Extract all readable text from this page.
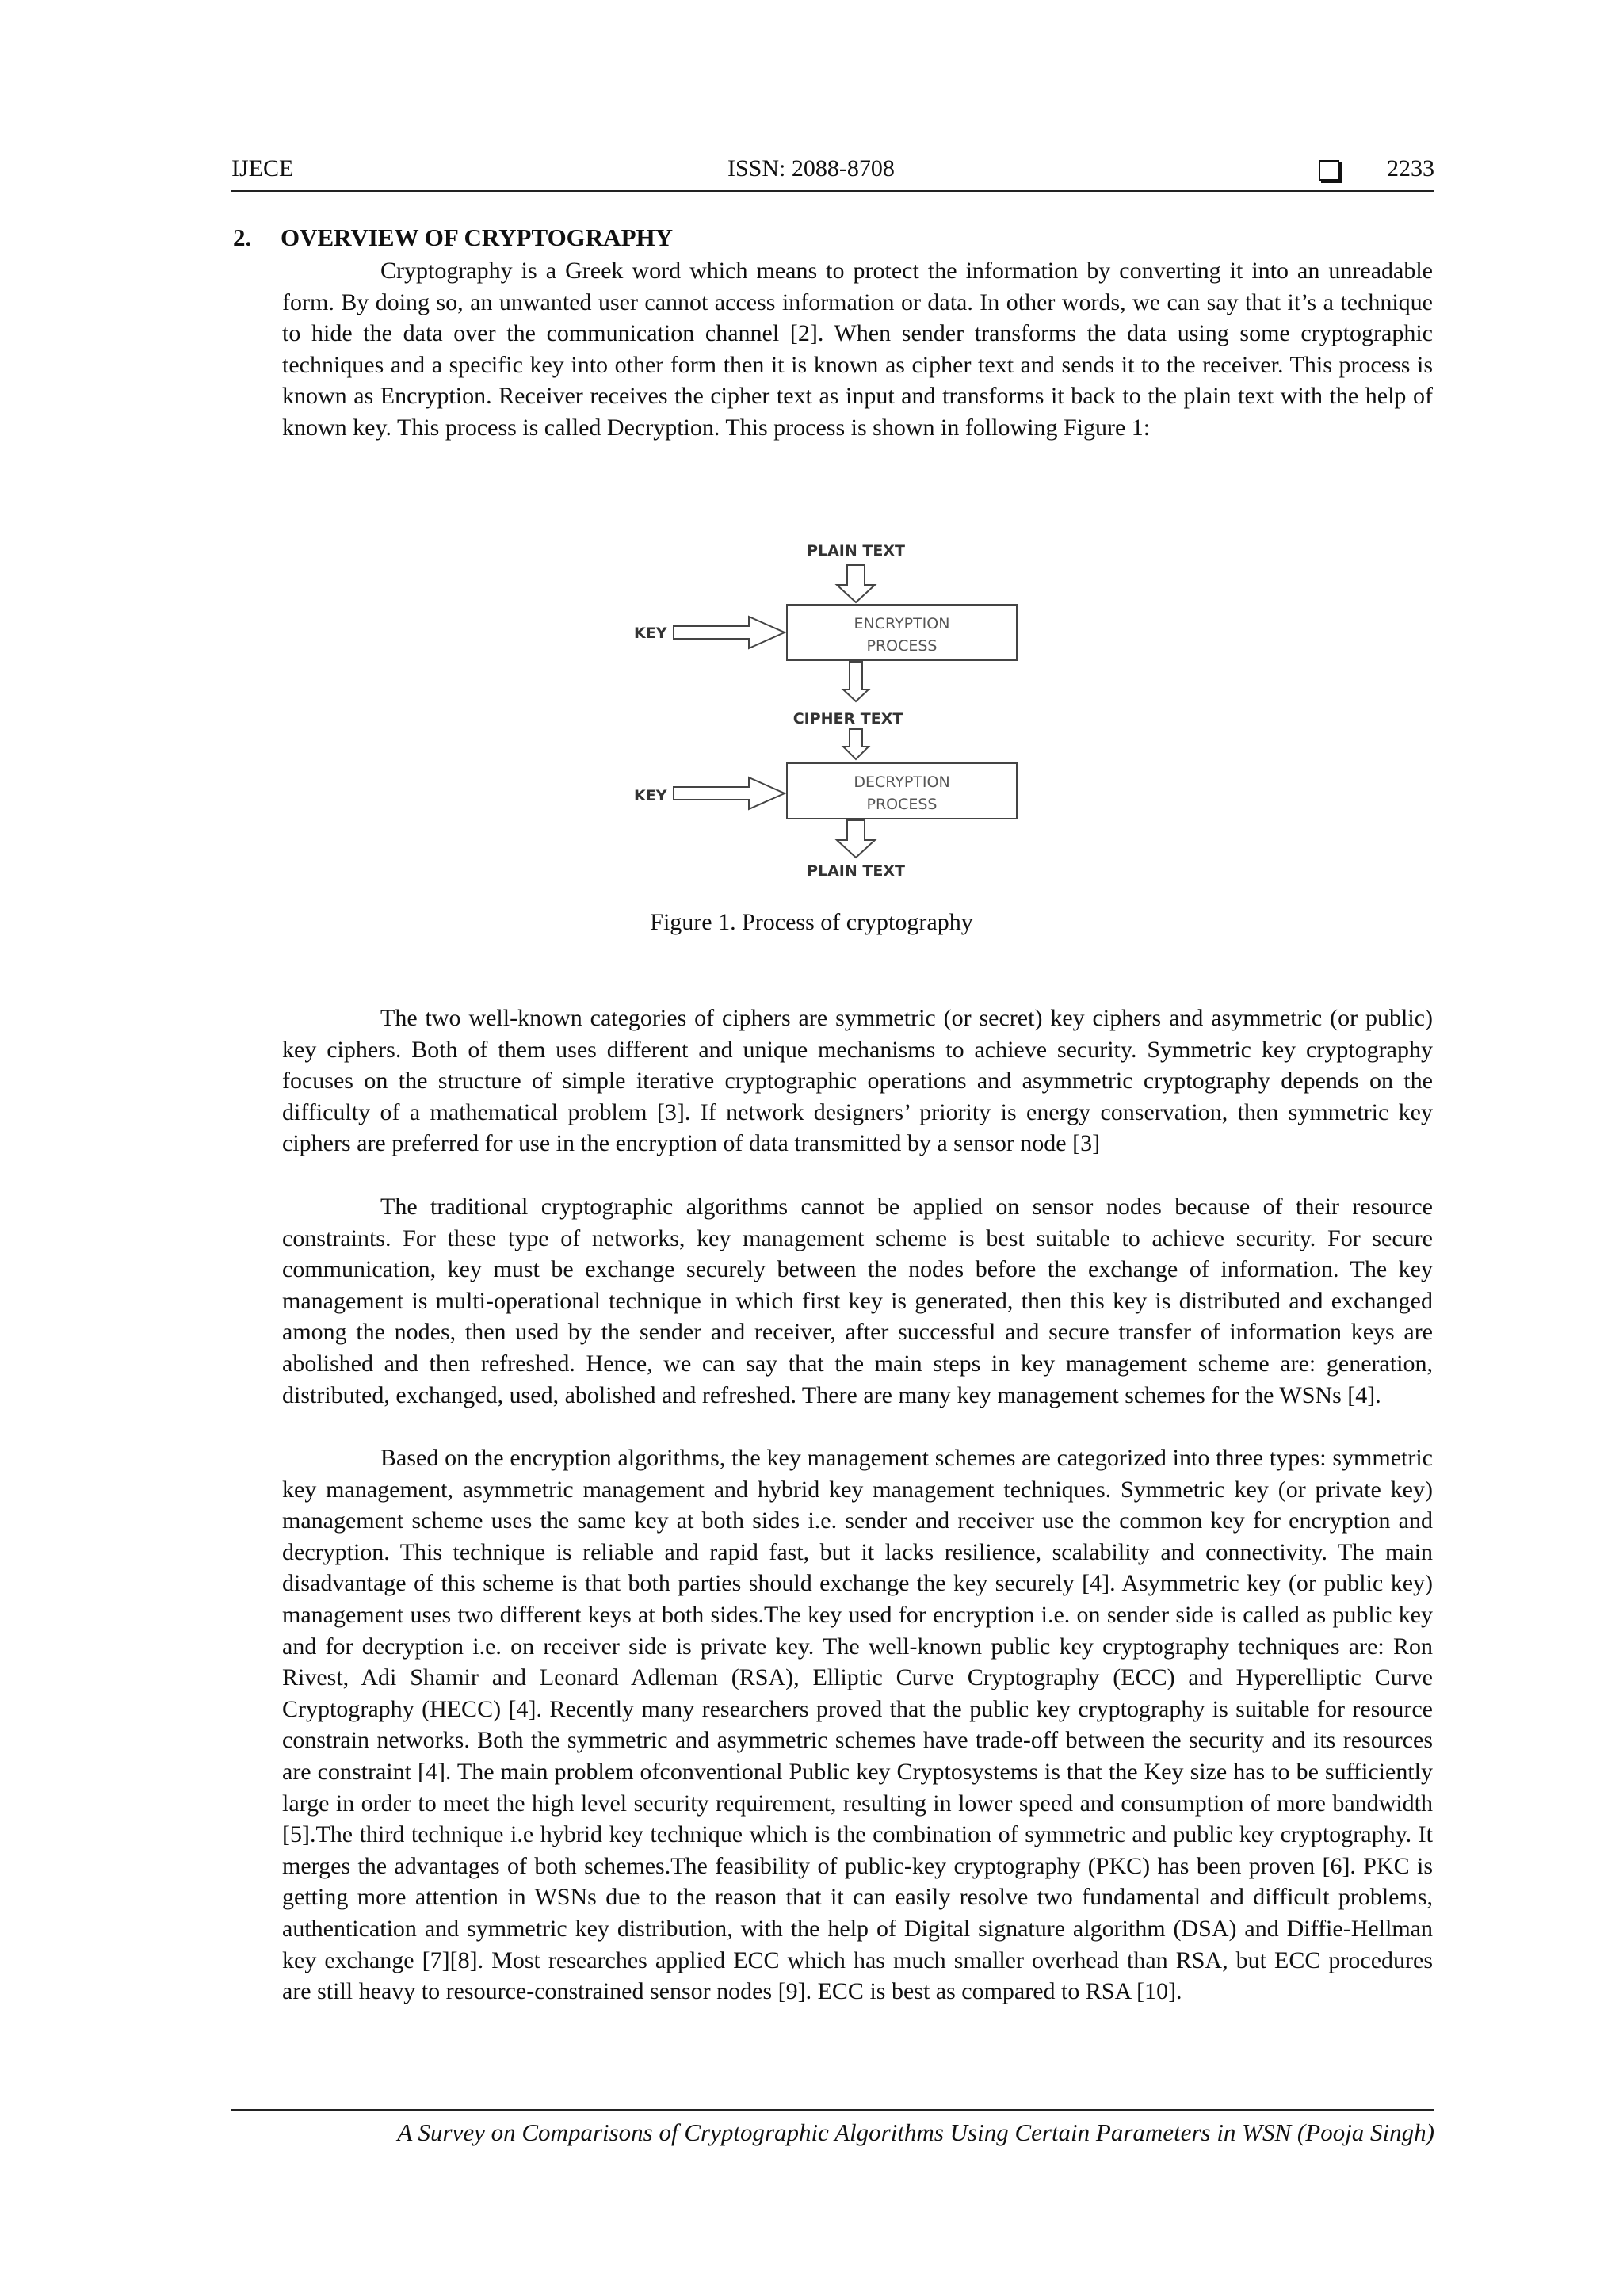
IJECE	ISSN: 2088-8708	2233
2. OVERVIEW OF CRYPTOGRAPHY

Cryptography is a Greek word which means to protect the information by converting it into an unreadable form. By doing so, an unwanted user cannot access information or data. In other words, we can say that it’s a technique to hide the data over the communication channel [2]. When sender transforms the data using some cryptographic techniques and a specific key into other form then it is known as cipher text and sends it to the receiver. This process is known as Encryption. Receiver receives the cipher text as input and transforms it back to the plain text with the help of known key. This process is called Decryption. This process is shown in following Figure 1:

PLAIN TEXT
ENCRYPTION
PROCESS
KEY
CIPHER TEXT
DECRYPTION
PROCESS
KEY
PLAIN TEXT
Figure 1. Process of cryptography

The two well-known categories of ciphers are symmetric (or secret) key ciphers and asymmetric (or public) key ciphers. Both of them uses different and unique mechanisms to achieve security. Symmetric key cryptography focuses on the structure of simple iterative cryptographic operations and asymmetric cryptography depends on the difficulty of a mathematical problem [3]. If network designers’ priority is energy conservation, then symmetric key ciphers are preferred for use in the encryption of data transmitted by a sensor node [3]

The traditional cryptographic algorithms cannot be applied on sensor nodes because of their resource constraints. For these type of networks, key management scheme is best suitable to achieve security. For secure communication, key must be exchange securely between the nodes before the exchange of information. The key management is multi-operational technique in which first key is generated, then this key is distributed and exchanged among the nodes, then used by the sender and receiver, after successful and secure transfer of information keys are abolished and then refreshed. Hence, we can say that the main steps in key management scheme are: generation, distributed, exchanged, used, abolished and refreshed. There are many key management schemes for the WSNs [4].

Based on the encryption algorithms, the key management schemes are categorized into three types: symmetric key management, asymmetric management and hybrid key management techniques. Symmetric key (or private key) management scheme uses the same key at both sides i.e. sender and receiver use the common key for encryption and decryption. This technique is reliable and rapid fast, but it lacks resilience, scalability and connectivity. The main disadvantage of this scheme is that both parties should exchange the key securely [4]. Asymmetric key (or public key) management uses two different keys at both sides.The key used for encryption i.e. on sender side is called as public key and for decryption i.e. on receiver side is private key. The well-known public key cryptography techniques are: Ron Rivest, Adi Shamir and Leonard Adleman (RSA), Elliptic Curve Cryptography (ECC) and Hyperelliptic Curve Cryptography (HECC) [4]. Recently many researchers proved that the public key cryptography is suitable for resource constrain networks. Both the symmetric and asymmetric schemes have trade-off between the security and its resources are constraint [4]. The main problem ofconventional Public key Cryptosystems is that the Key size has to be sufficiently large in order to meet the high level security requirement, resulting in lower speed and consumption of more bandwidth [5].The third technique i.e hybrid key technique which is the combination of symmetric and public key cryptography. It merges the advantages of both schemes.The feasibility of public-key cryptography (PKC) has been proven [6]. PKC is getting more attention in WSNs due to the reason that it can easily resolve two fundamental and difficult problems, authentication and symmetric key distribution, with the help of Digital signature algorithm (DSA) and Diffie-Hellman key exchange [7][8]. Most researches applied ECC which has much smaller overhead than RSA, but ECC procedures are still heavy to resource-constrained sensor nodes [9]. ECC is best as compared to RSA [10].

A Survey on Comparisons of Cryptographic Algorithms Using Certain Parameters in WSN (Pooja Singh)
